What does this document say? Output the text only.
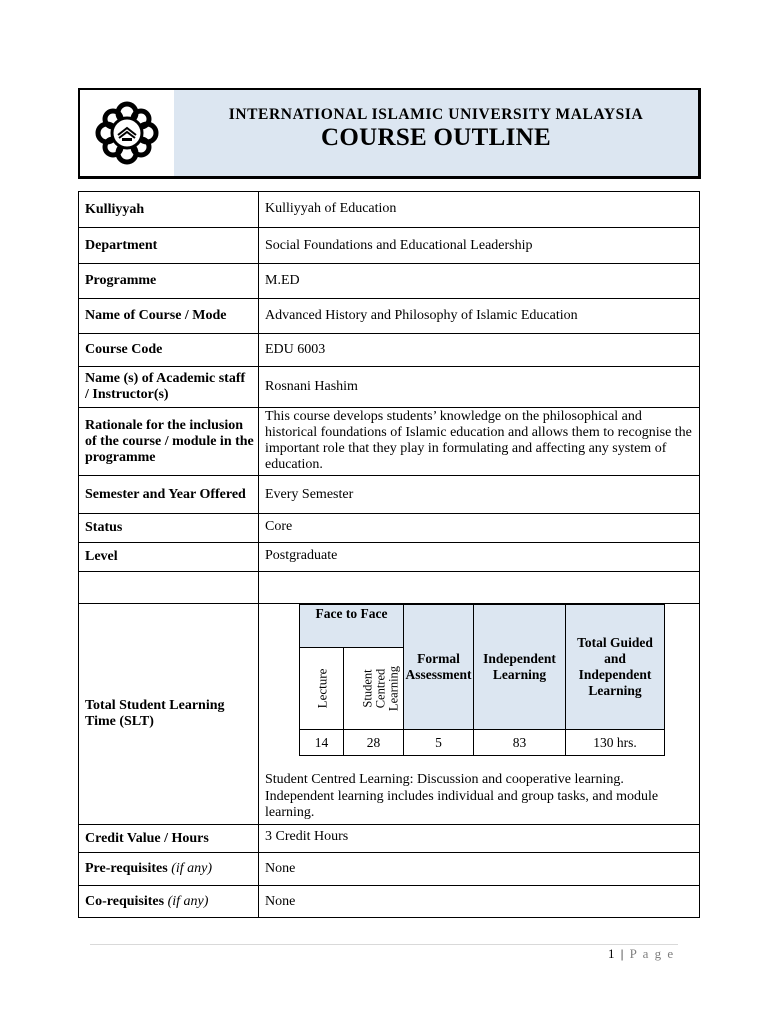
INTERNATIONAL ISLAMIC UNIVERSITY MALAYSIA
COURSE OUTLINE
Kulliyyah	Kulliyyah of Education
Department	Social Foundations and Educational Leadership
Programme	M.ED
Name of Course / Mode	Advanced History and Philosophy of Islamic Education
Course Code	EDU 6003
Name (s) of Academic staff / Instructor(s)	Rosnani Hashim
Rationale for the inclusion of the course / module in the programme	This course develops students’ knowledge on the philosophical and historical foundations of Islamic education and allows them to recognise the important role that they play in formulating and affecting any system of education.
Semester and Year Offered	Every Semester
Status	Core
Level	Postgraduate

Total Student Learning Time (SLT)	
Face to Face	Formal Assessment	Independent Learning	Total Guided and Independent Learning
Lecture	Student Centred Learning
14	28	5	83	130 hrs.
Student Centred Learning: Discussion and cooperative learning. Independent learning includes individual and group tasks, and module learning.

Credit Value / Hours	3 Credit Hours
Pre-requisites (if any)	None
Co-requisites (if any)	None
1 | P a g e
